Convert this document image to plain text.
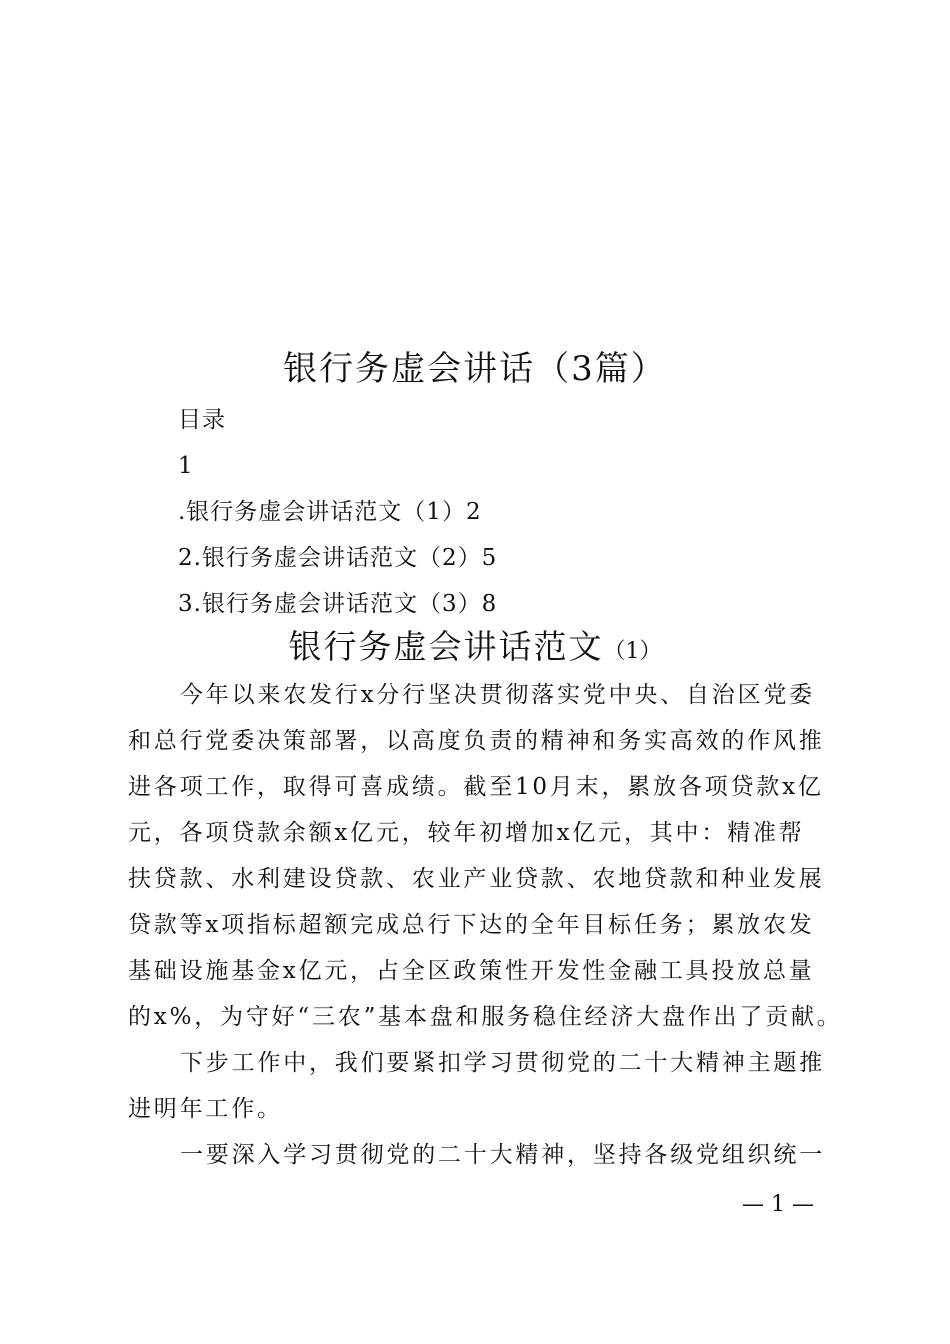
银行务虚会讲话（3篇）
目录
1
.银行务虚会讲话范文（1）2
2.银行务虚会讲话范文（2）5
3.银行务虚会讲话范文（3）8
银行务虚会讲话范文（1）
今年以来农发行x分行坚决贯彻落实党中央、自治区党委
和总行党委决策部署，以高度负责的精神和务实高效的作风推
进各项工作，取得可喜成绩。截至10月末，累放各项贷款x亿
元，各项贷款余额x亿元，较年初增加x亿元，其中：精准帮
扶贷款、水利建设贷款、农业产业贷款、农地贷款和种业发展
贷款等x项指标超额完成总行下达的全年目标任务；累放农发
基础设施基金x亿元，占全区政策性开发性金融工具投放总量
的x%，为守好“三农”基本盘和服务稳住经济大盘作出了贡献。
下步工作中，我们要紧扣学习贯彻党的二十大精神主题推
进明年工作。
一要深入学习贯彻党的二十大精神，坚持各级党组织统一
— 1 —
